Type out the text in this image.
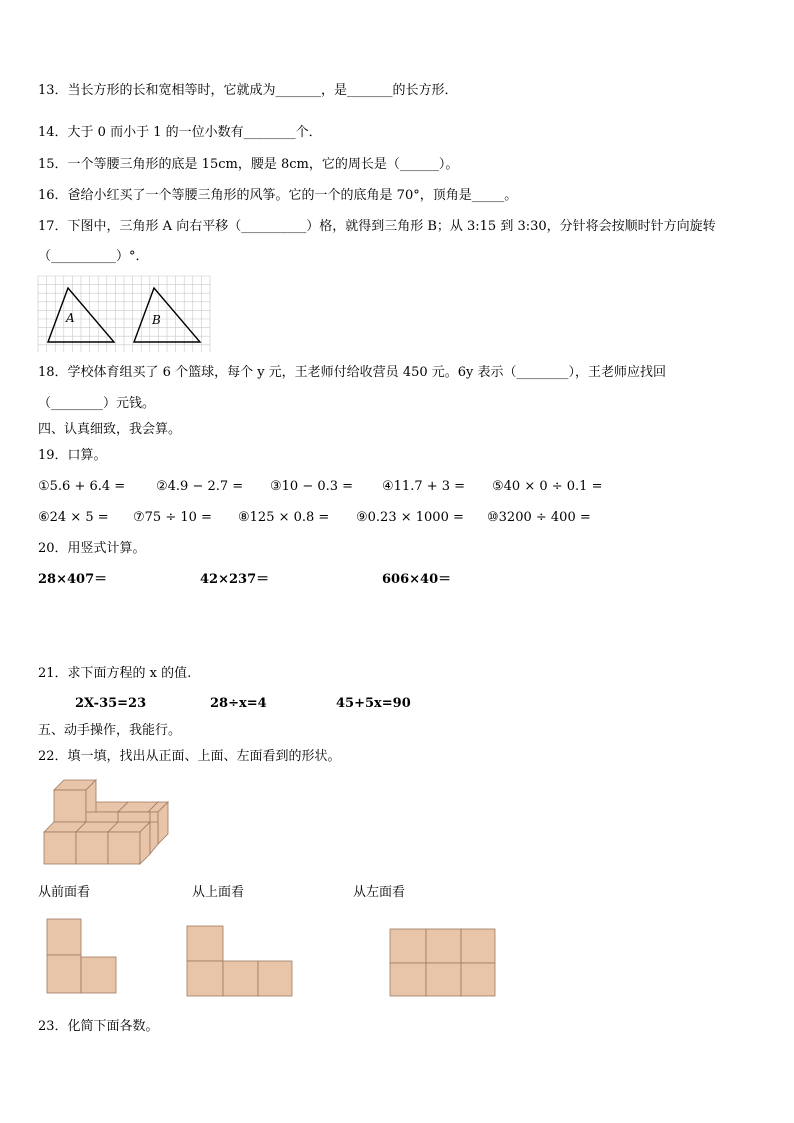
13．当长方形的长和宽相等时，它就成为_______，是_______的长方形．
14．大于 0 而小于 1 的一位小数有________个．
15．一个等腰三角形的底是 15cm，腰是 8cm，它的周长是（______）。
16．爸给小红买了一个等腰三角形的风筝。它的一个的底角是 70°，顶角是_____。
17．下图中，三角形 A 向右平移（__________）格，就得到三角形 B；从 3:15 到 3:30，分针将会按顺时针方向旋转
（__________）°．
A	B
18．学校体育组买了 6 个篮球，每个 y 元，王老师付给收营员 450 元。6y 表示（________），王老师应找回
（________）元钱。
四、认真细致，我会算。
19．口算。
①5.6 + 6.4 = ②4.9 − 2.7 = ③10 − 0.3 = ④11.7 + 3 = ⑤40 × 0 ÷ 0.1 =
⑥24 × 5 = ⑦75 ÷ 10 = ⑧125 × 0.8 = ⑨0.23 × 1000 = ⑩3200 ÷ 400 =
20．用竖式计算。
28×407＝	42×237＝	606×40＝
21．求下面方程的 x 的值.
2X-35=23	28÷x=4	45+5x=90
五、动手操作，我能行。
22．填一填，找出从正面、上面、左面看到的形状。
从前面看	从上面看	从左面看
23．化简下面各数。
